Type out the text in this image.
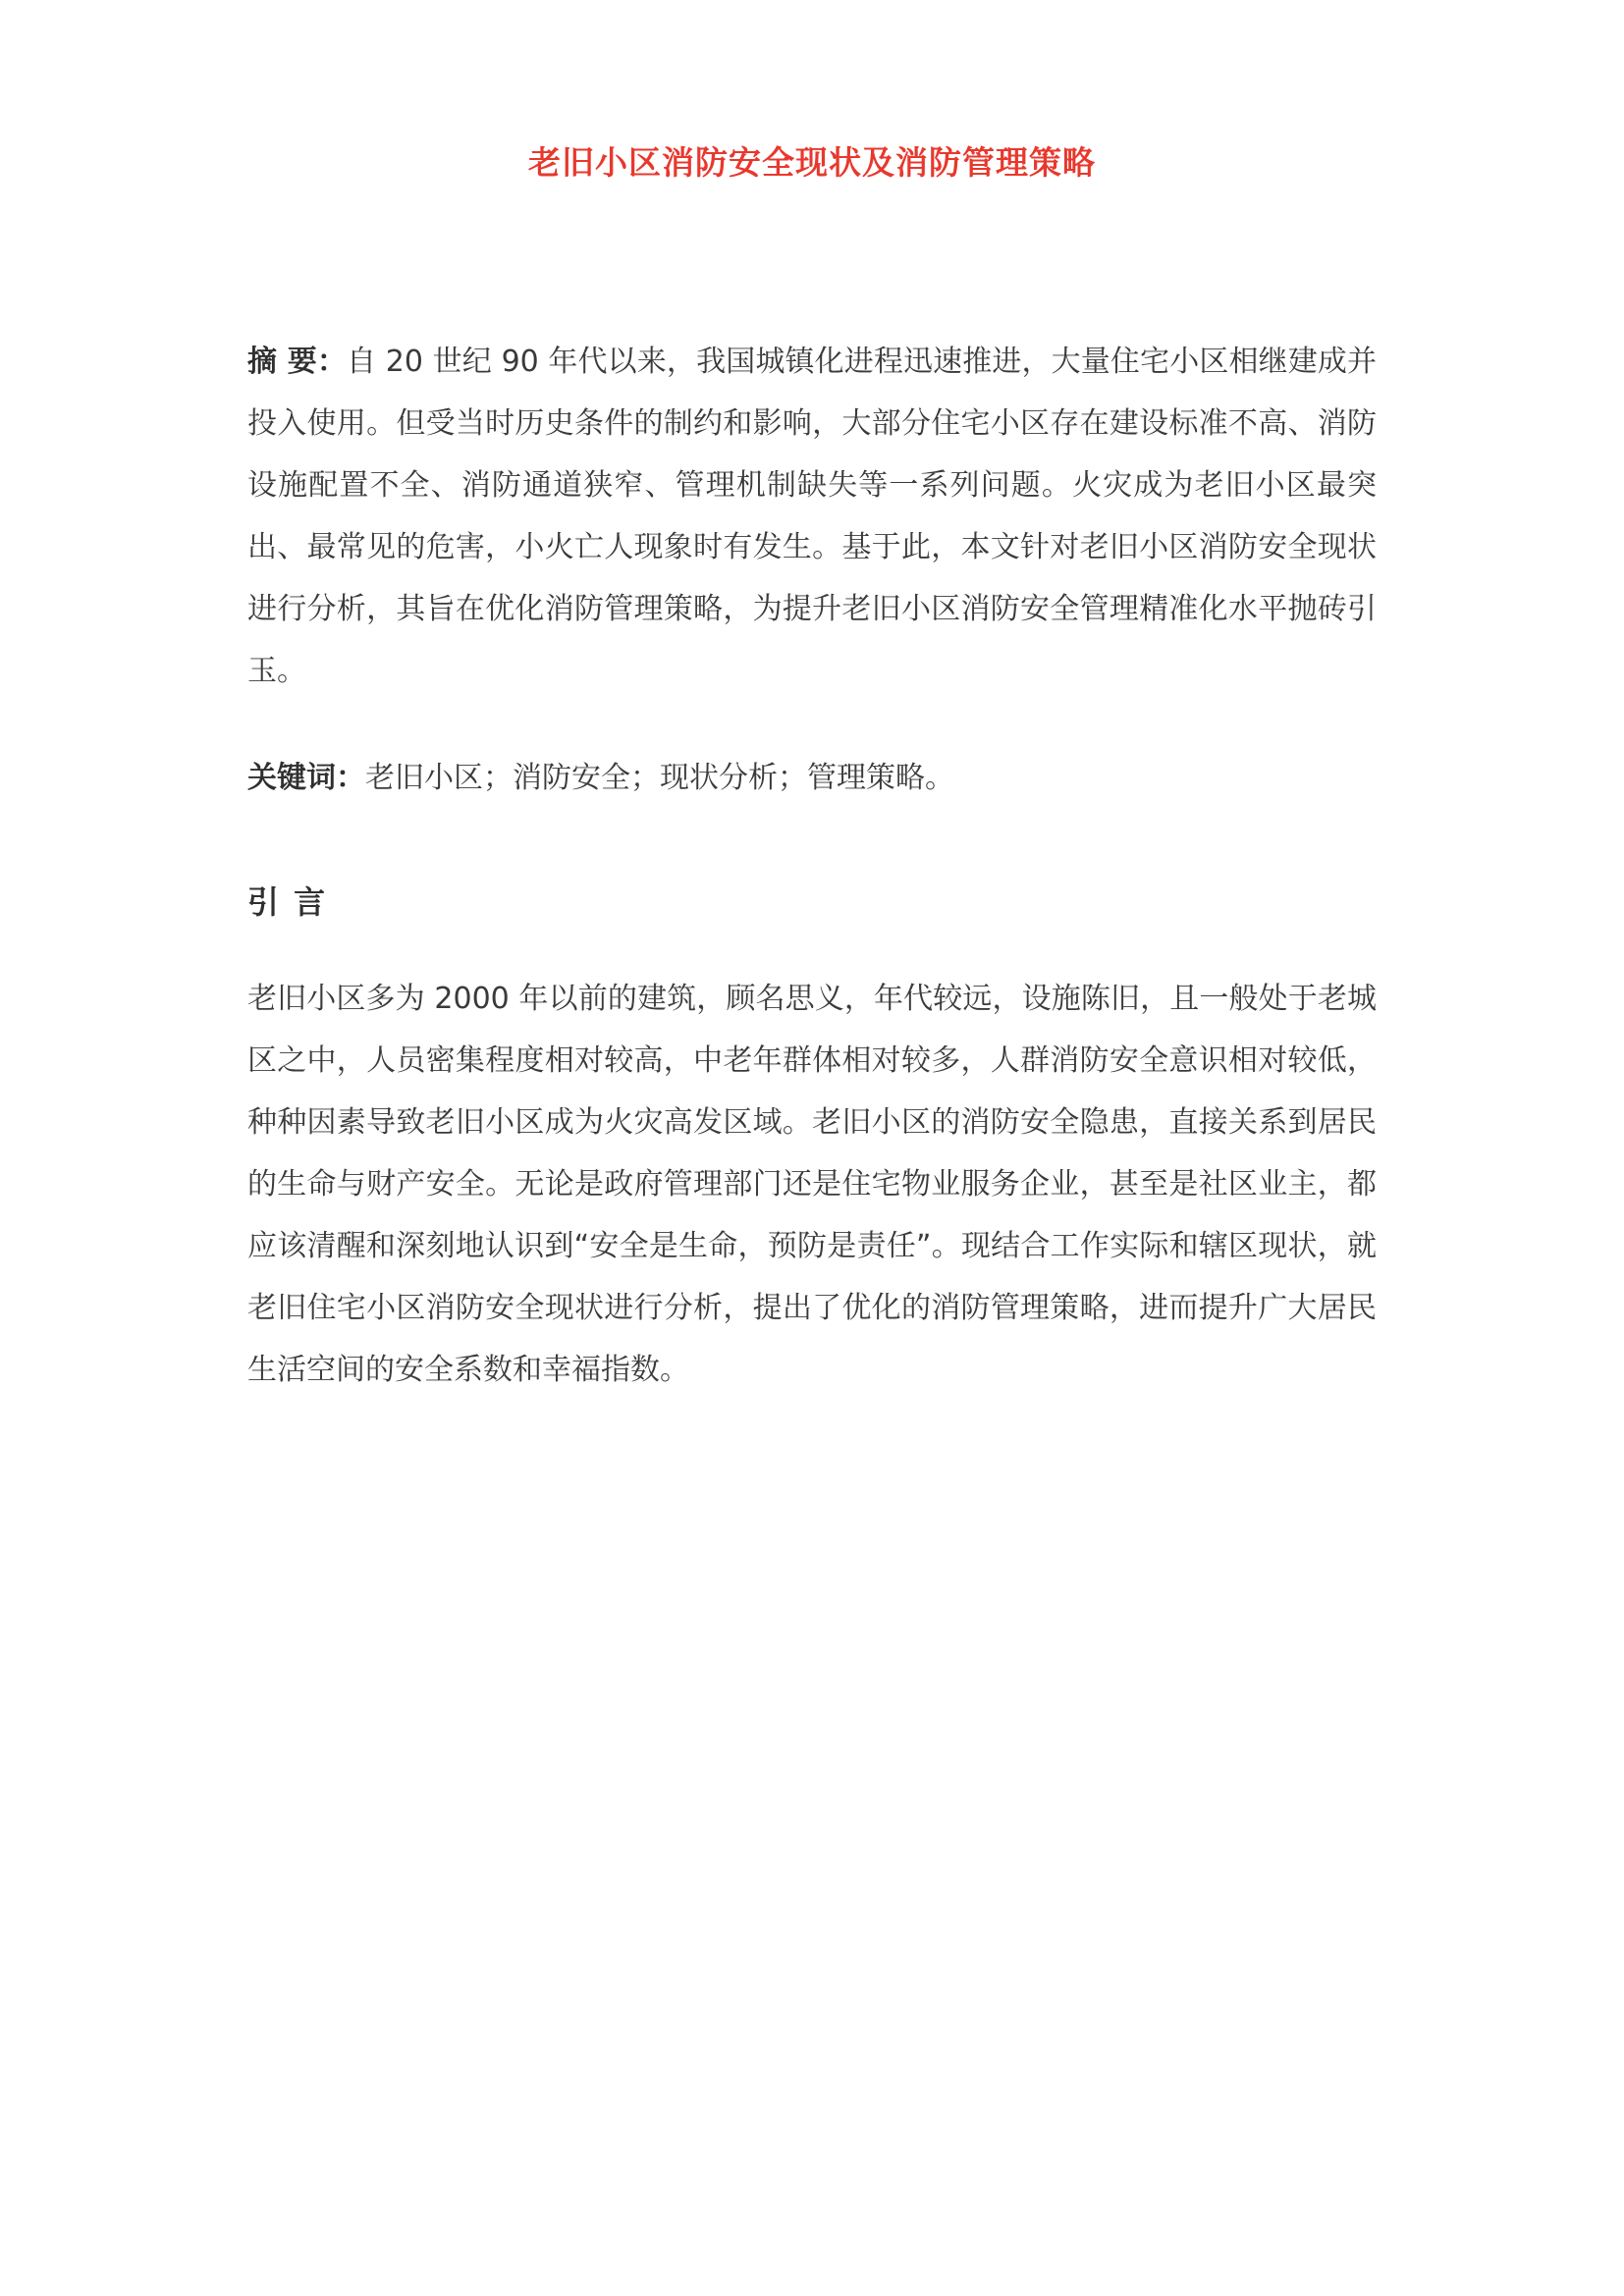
老旧小区消防安全现状及消防管理策略

摘 要：自 20 世纪 90 年代以来，我国城镇化进程迅速推进，大量住宅小区相继建成并投入使用。但受当时历史条件的制约和影响，大部分住宅小区存在建设标准不高、消防设施配置不全、消防通道狭窄、管理机制缺失等一系列问题。火灾成为老旧小区最突出、最常见的危害，小火亡人现象时有发生。基于此，本文针对老旧小区消防安全现状进行分析，其旨在优化消防管理策略，为提升老旧小区消防安全管理精准化水平抛砖引玉。

关键词：老旧小区；消防安全；现状分析；管理策略。

引 言

老旧小区多为 2000 年以前的建筑，顾名思义，年代较远，设施陈旧，且一般处于老城区之中，人员密集程度相对较高，中老年群体相对较多，人群消防安全意识相对较低，种种因素导致老旧小区成为火灾高发区域。老旧小区的消防安全隐患，直接关系到居民的生命与财产安全。无论是政府管理部门还是住宅物业服务企业，甚至是社区业主，都应该清醒和深刻地认识到“安全是生命，预防是责任”。现结合工作实际和辖区现状，就老旧住宅小区消防安全现状进行分析，提出了优化的消防管理策略，进而提升广大居民生活空间的安全系数和幸福指数。
